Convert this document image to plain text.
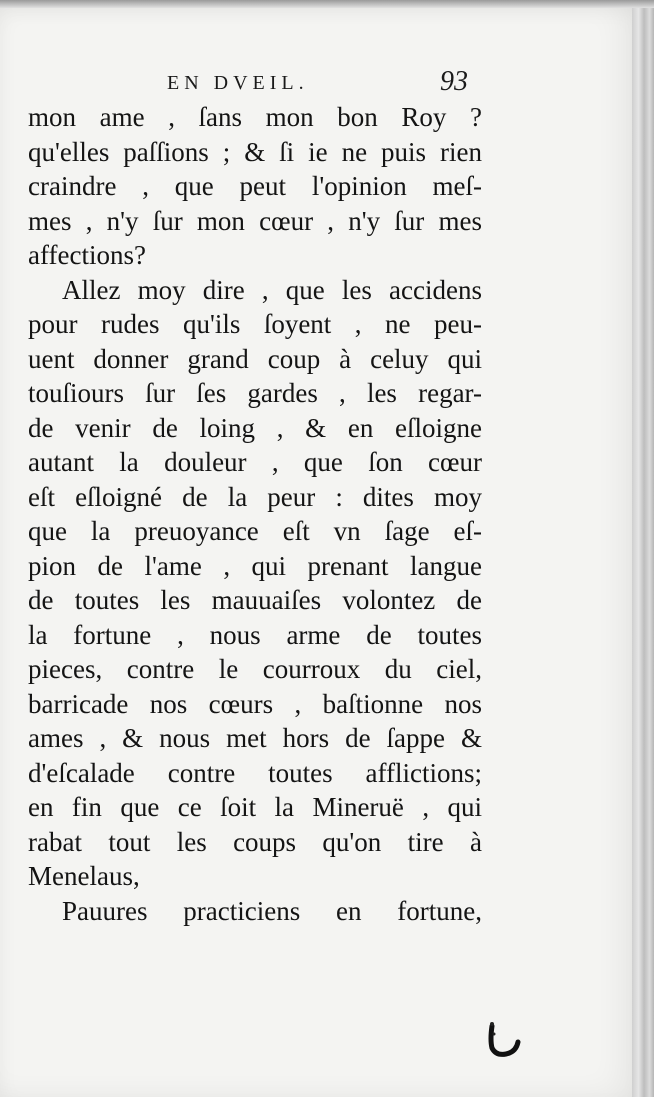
EN DVEIL.	93
mon ame , ſans mon bon Roy ?
qu'elles paſſions ; & ſi ie ne puis rien
craindre , que peut l'opinion meſ-
mes , n'y ſur mon cœur , n'y ſur mes
affections?
Allez moy dire , que les accidens
pour rudes qu'ils ſoyent , ne peu-
uent donner grand coup à celuy qui
touſiours ſur ſes gardes , les regar-
de venir de loing , & en eſloigne
autant la douleur , que ſon cœur
eſt eſloigné de la peur : dites moy
que la preuoyance eſt vn ſage eſ-
pion de l'ame , qui prenant langue
de toutes les mauuaiſes volontez de
la fortune , nous arme de toutes
pieces, contre le courroux du ciel,
barricade nos cœurs , baſtionne nos
ames , & nous met hors de ſappe &
d'eſcalade contre toutes afflictions;
en fin que ce ſoit la Mineruë , qui
rabat tout les coups qu'on tire à
Menelaus,
Pauures practiciens en fortune,
